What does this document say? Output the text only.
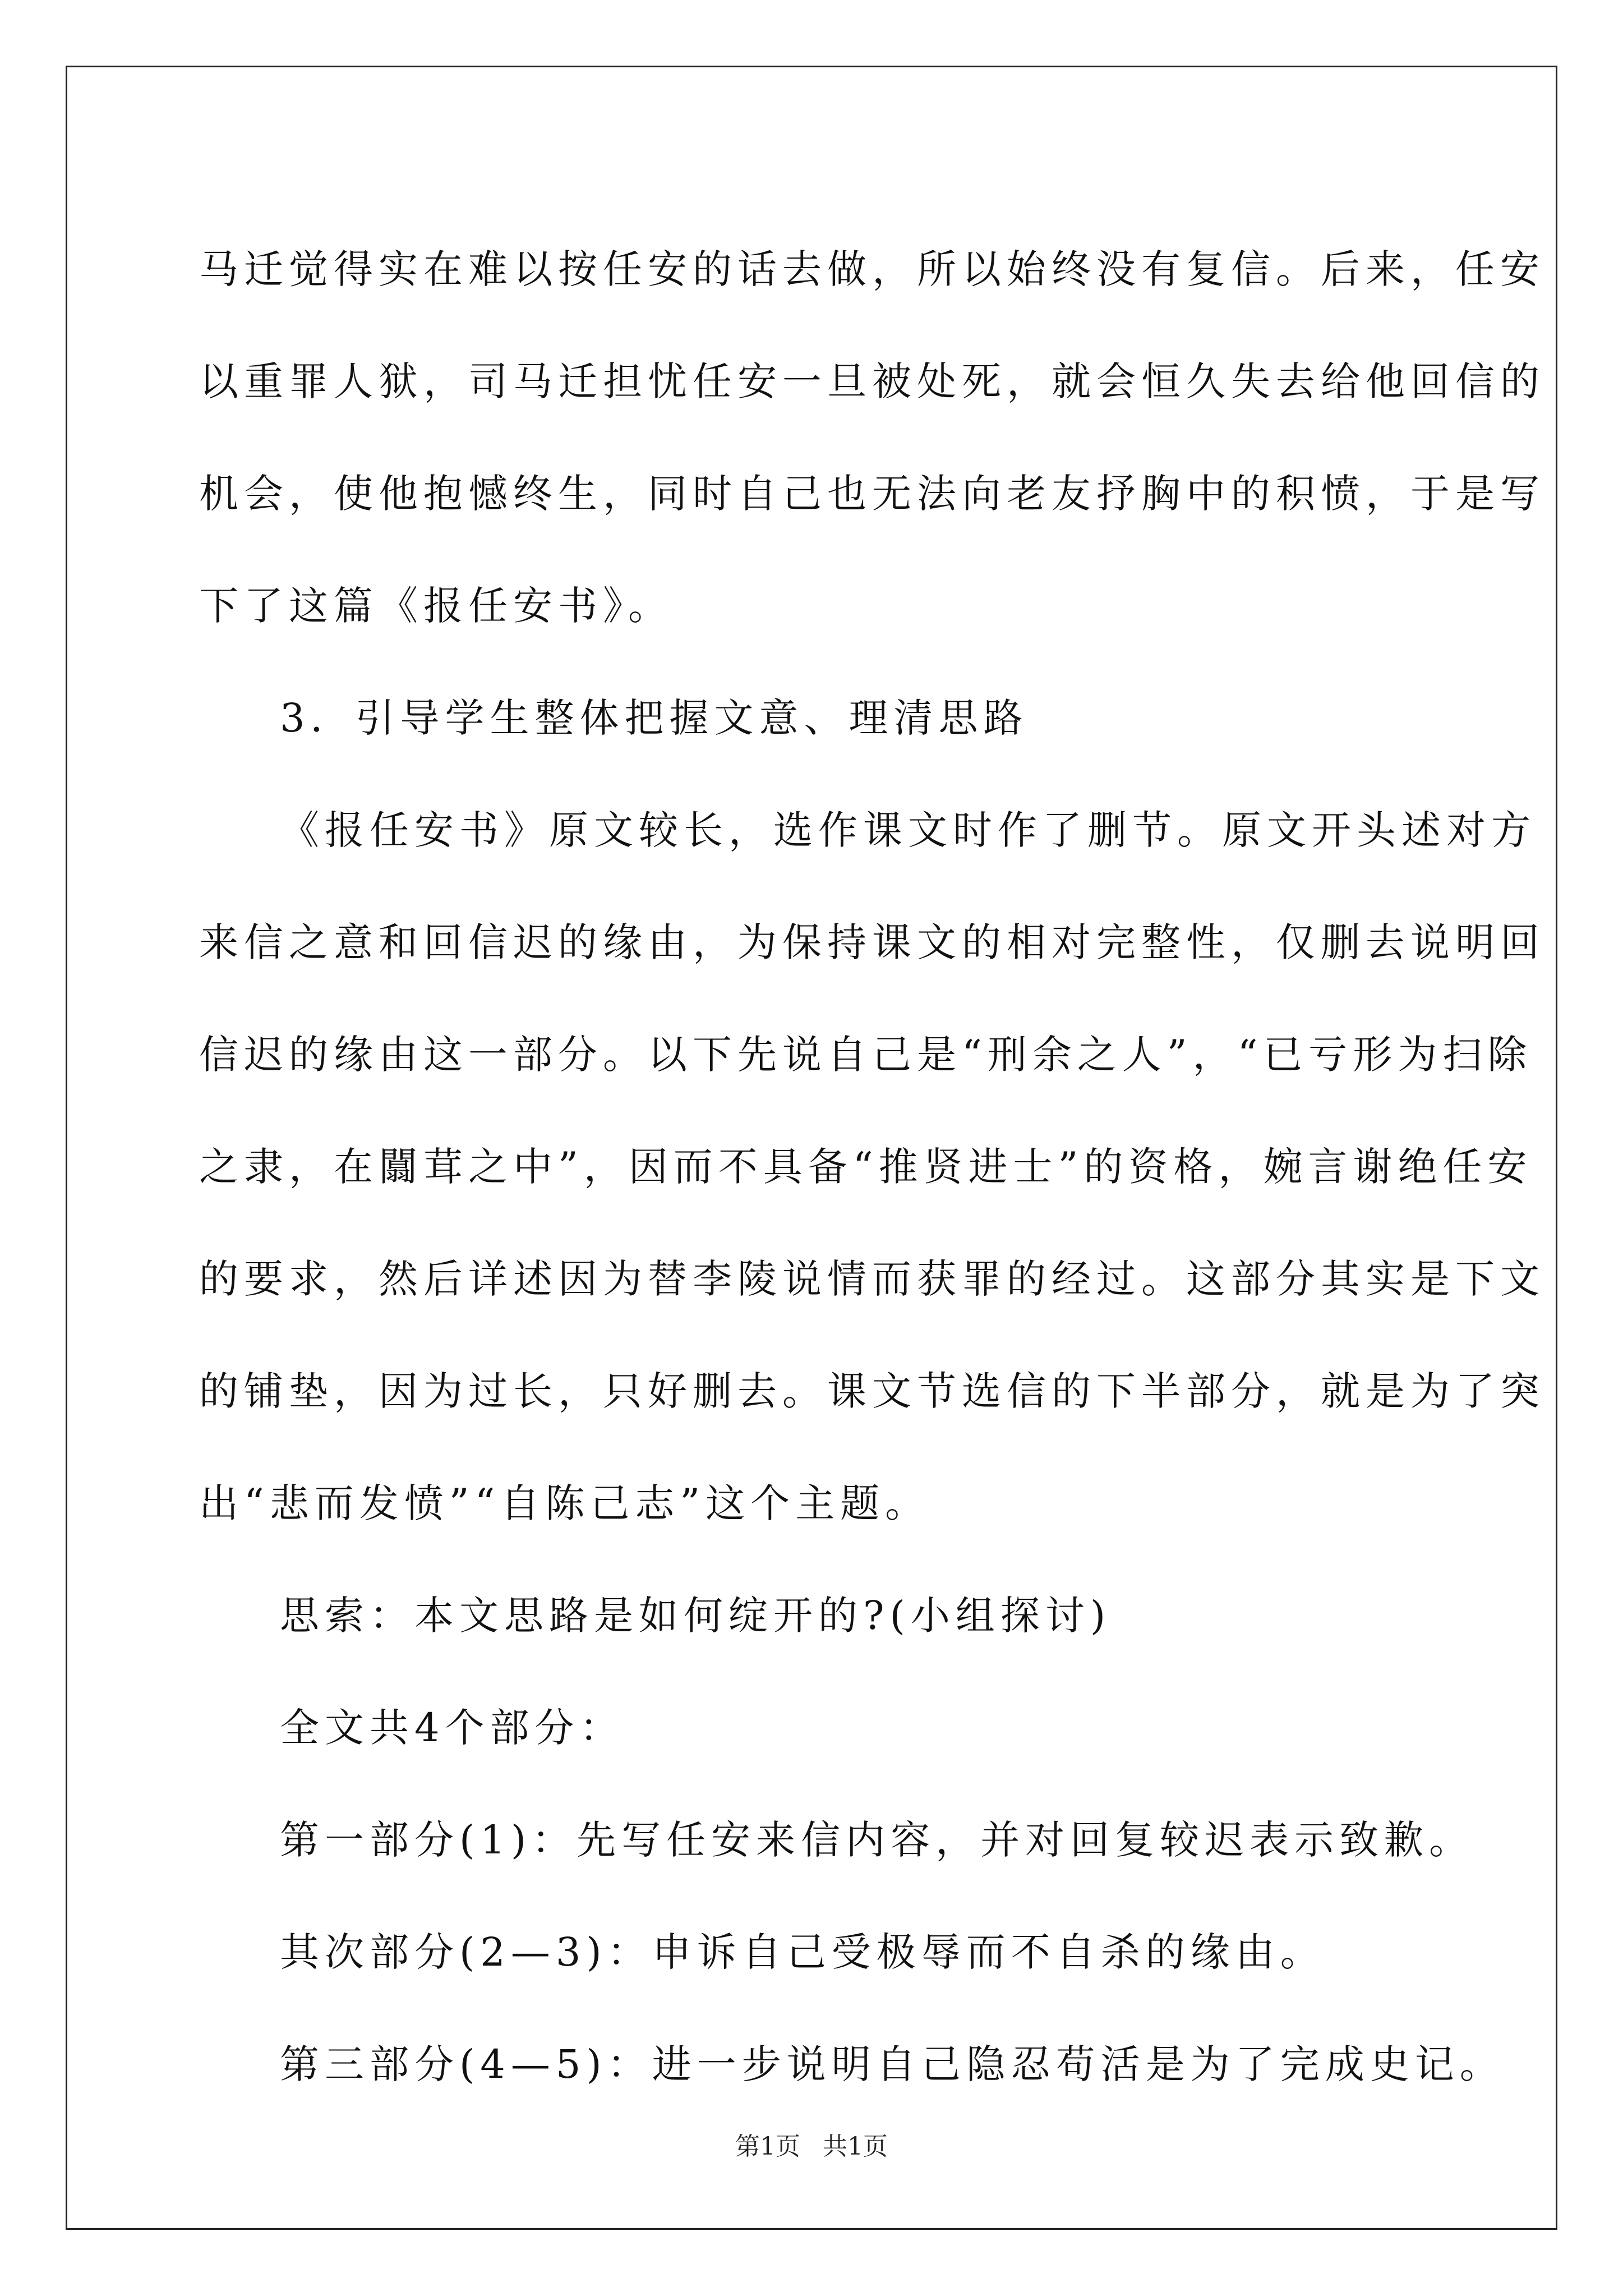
马迁觉得实在难以按任安的话去做，所以始终没有复信。后来，任安
以重罪人狱，司马迁担忧任安一旦被处死，就会恒久失去给他回信的
机会，使他抱憾终生，同时自己也无法向老友抒胸中的积愤，于是写
下了这篇《报任安书》。
3．引导学生整体把握文意、理清思路
《报任安书》原文较长，选作课文时作了删节。原文开头述对方
来信之意和回信迟的缘由，为保持课文的相对完整性，仅删去说明回
信迟的缘由这一部分。以下先说自己是“刑余之人”，“已亏形为扫除
之隶，在闒茸之中”，因而不具备“推贤进士”的资格，婉言谢绝任安
的要求，然后详述因为替李陵说情而获罪的经过。这部分其实是下文
的铺垫，因为过长，只好删去。课文节选信的下半部分，就是为了突
出“悲而发愤”“自陈己志”这个主题。
思索：本文思路是如何绽开的?(小组探讨)
全文共4个部分：
第一部分(1)：先写任安来信内容，并对回复较迟表示致歉。
其次部分(2—3)：申诉自己受极辱而不自杀的缘由。
第三部分(4—5)：进一步说明自己隐忍苟活是为了完成史记。
第1页 共1页
